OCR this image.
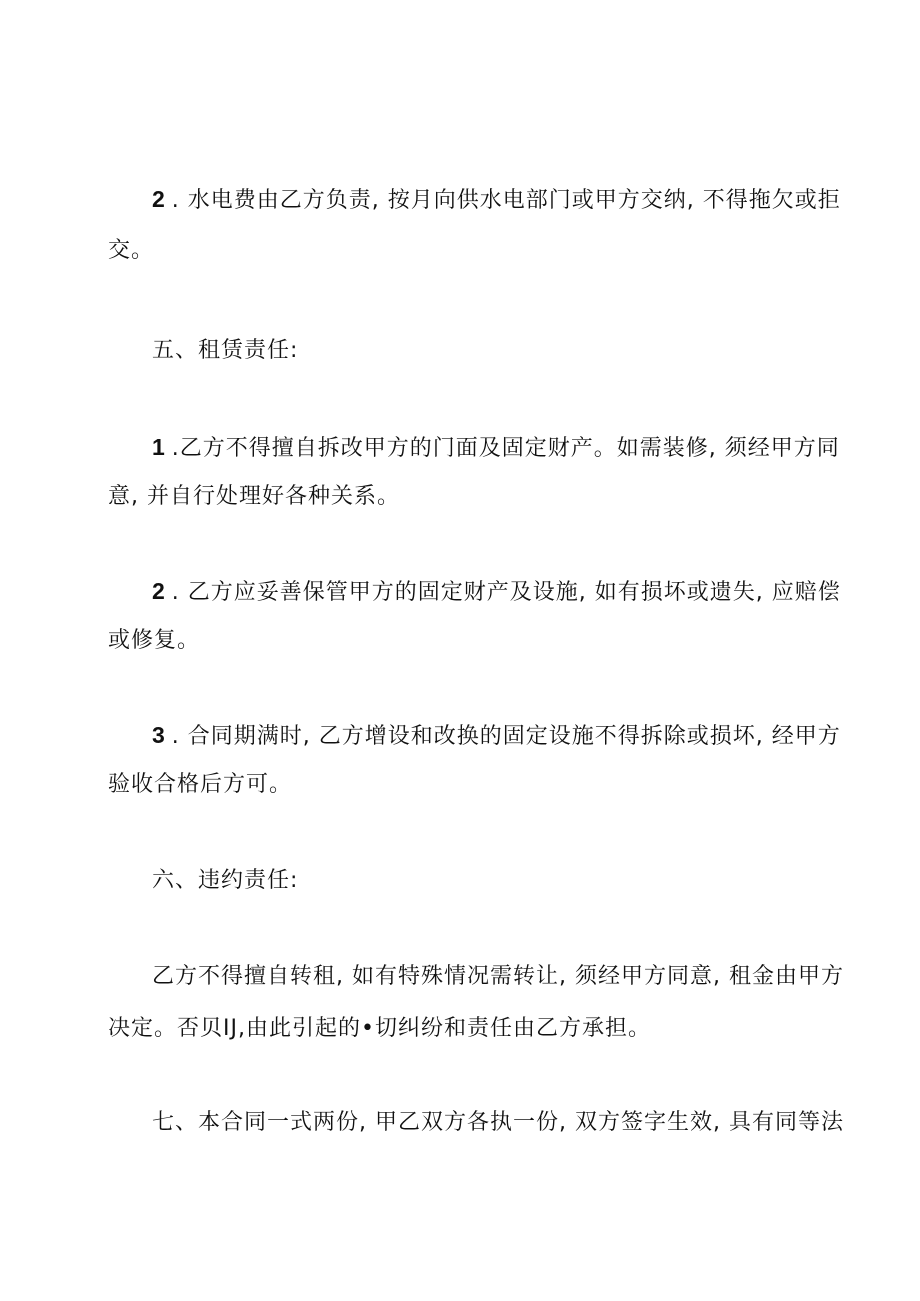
2 . 水电费由乙方负责, 按月向供水电部门或甲方交纳, 不得拖欠或拒
交。
五、租赁责任:
1 .乙方不得擅自拆改甲方的门面及固定财产。如需装修, 须经甲方同
意, 并自行处理好各种关系。
2 . 乙方应妥善保管甲方的固定财产及设施, 如有损坏或遗失, 应赔偿
或修复。
3 . 合同期满时, 乙方增设和改换的固定设施不得拆除或损坏, 经甲方
验收合格后方可。
六、违约责任:
乙方不得擅自转租, 如有特殊情况需转让, 须经甲方同意, 租金由甲方
决定。否贝IJ,由此引起的•切纠纷和责任由乙方承担。
七、本合同一式两份, 甲乙双方各执一份, 双方签字生效, 具有同等法
